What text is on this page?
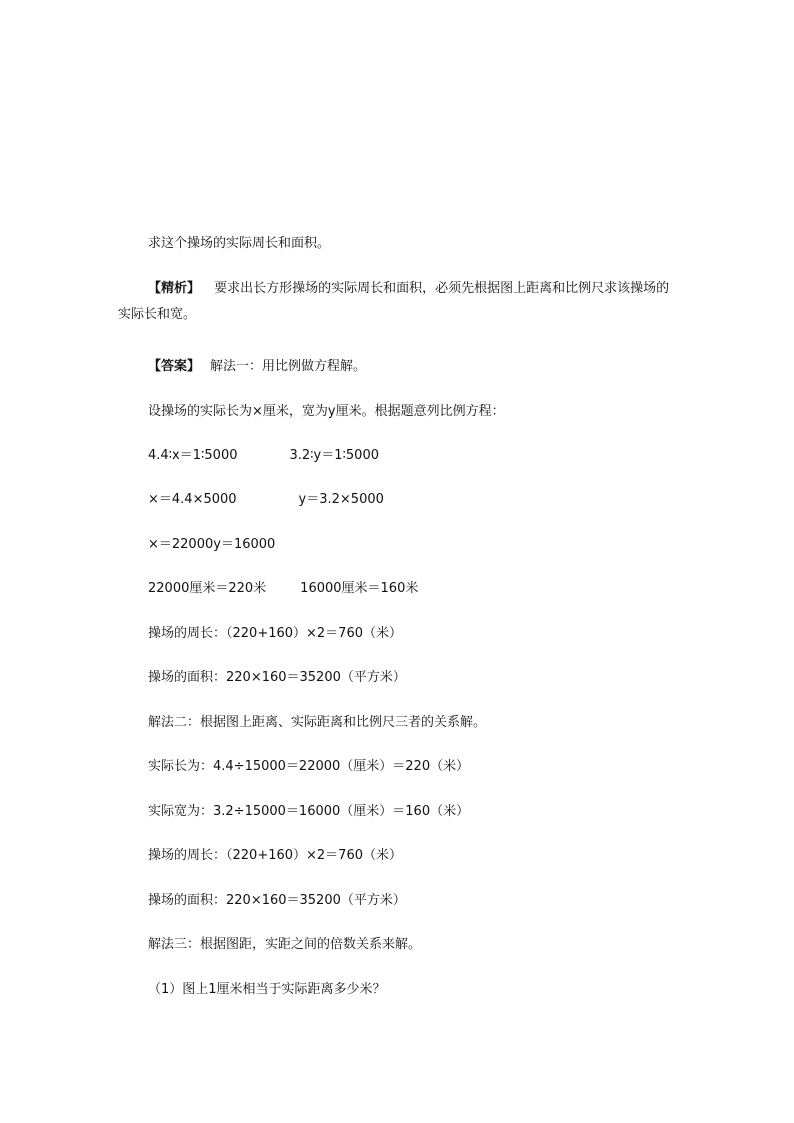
求这个操场的实际周长和面积。
【精析】 要求出长方形操场的实际周长和面积，必须先根据图上距离和比例尺求该操场的实际长和宽。
【答案】 解法一：用比例做方程解。
设操场的实际长为×厘米，宽为y厘米。根据题意列比例方程：
4.4∶x＝1∶5000	3.2∶y＝1∶5000
×＝4.4×5000	y＝3.2×5000
×＝22000y＝16000
22000厘米＝220米	16000厘米＝160米
操场的周长：（220+160）×2＝760（米）
操场的面积：220×160＝35200（平方米）
解法二：根据图上距离、实际距离和比例尺三者的关系解。
实际长为：4.4÷15000＝22000（厘米）＝220（米）
实际宽为：3.2÷15000＝16000（厘米）＝160（米）
操场的周长：（220+160）×2＝760（米）
操场的面积：220×160＝35200（平方米）
解法三：根据图距，实距之间的倍数关系来解。
（1）图上1厘米相当于实际距离多少米？
